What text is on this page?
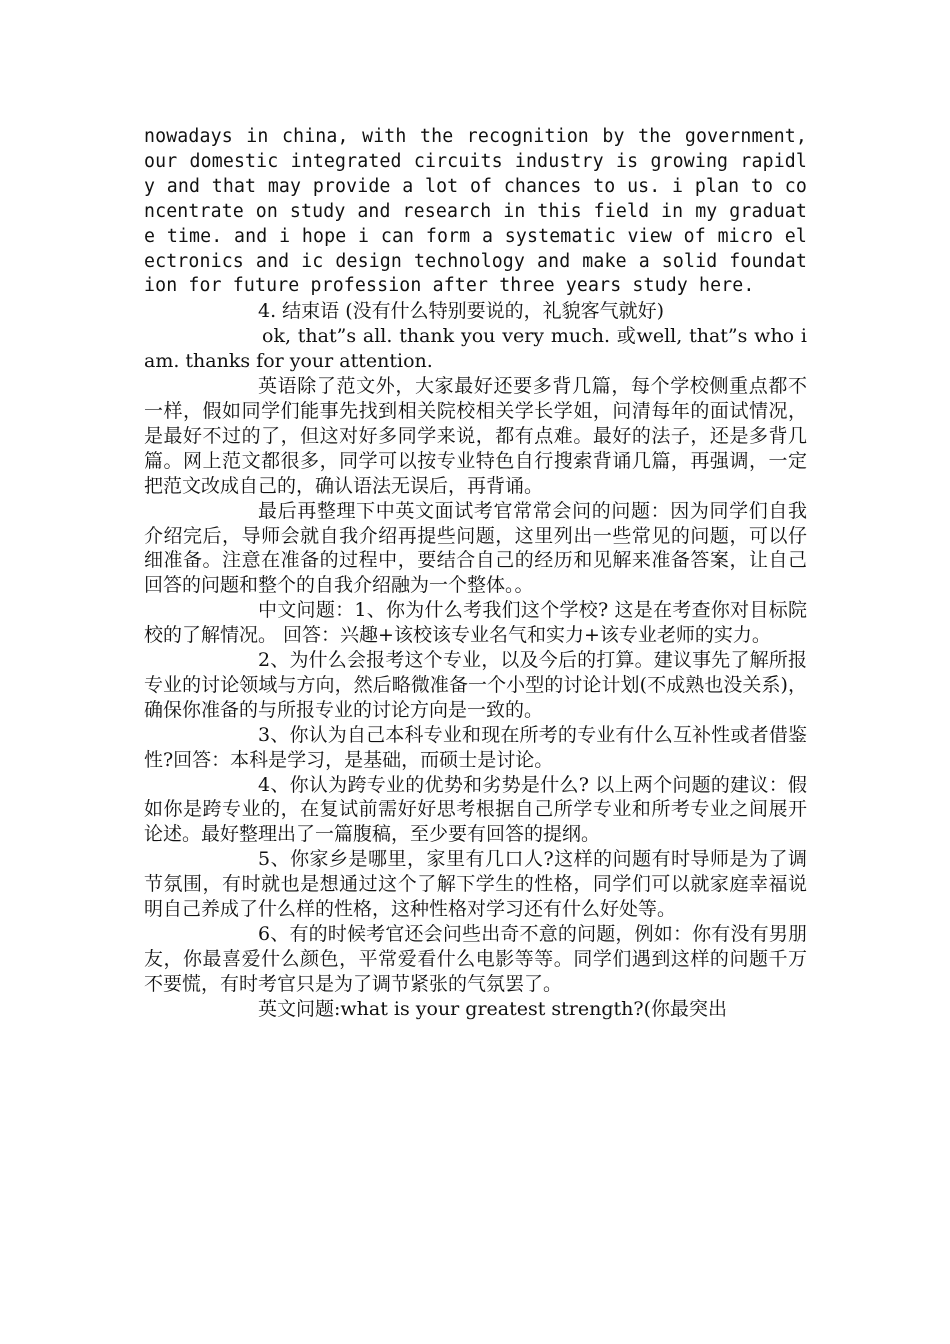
nowadays in china, with the recognition by the government, our domestic integrated circuits industry is growing rapidly and that may provide a lot of chances to us. i plan to concentrate on study and research in this field in my graduate time. and i hope i can form a systematic view of micro electronics and ic design technology and make a solid foundation for future profession after three years study here.

4. 结束语 (没有什么特别要说的，礼貌客气就好)

ok, that”s all. thank you very much. 或well, that”s who i am. thanks for your attention.

英语除了范文外，大家最好还要多背几篇，每个学校侧重点都不一样，假如同学们能事先找到相关院校相关学长学姐，问清每年的面试情况，是最好不过的了，但这对好多同学来说，都有点难。最好的法子，还是多背几篇。网上范文都很多，同学可以按专业特色自行搜索背诵几篇，再强调，一定把范文改成自己的，确认语法无误后，再背诵。

最后再整理下中英文面试考官常常会问的问题：因为同学们自我介绍完后，导师会就自我介绍再提些问题，这里列出一些常见的问题，可以仔细准备。注意在准备的过程中，要结合自己的经历和见解来准备答案，让自己回答的问题和整个的自我介绍融为一个整体。。

中文问题：1、你为什么考我们这个学校? 这是在考查你对目标院校的了解情况。 回答：兴趣+该校该专业名气和实力+该专业老师的实力。

2、为什么会报考这个专业，以及今后的打算。建议事先了解所报专业的讨论领域与方向，然后略微准备一个小型的讨论计划(不成熟也没关系)，确保你准备的与所报专业的讨论方向是一致的。

3、你认为自己本科专业和现在所考的专业有什么互补性或者借鉴性?回答：本科是学习，是基础，而硕士是讨论。

4、你认为跨专业的优势和劣势是什么? 以上两个问题的建议：假如你是跨专业的，在复试前需好好思考根据自己所学专业和所考专业之间展开论述。最好整理出了一篇腹稿，至少要有回答的提纲。

5、你家乡是哪里，家里有几口人?这样的问题有时导师是为了调节氛围，有时就也是想通过这个了解下学生的性格，同学们可以就家庭幸福说明自己养成了什么样的性格，这种性格对学习还有什么好处等。

6、有的时候考官还会问些出奇不意的问题，例如：你有没有男朋友，你最喜爱什么颜色，平常爱看什么电影等等。同学们遇到这样的问题千万不要慌，有时考官只是为了调节紧张的气氛罢了。

英文问题:what is your greatest strength?(你最突出
